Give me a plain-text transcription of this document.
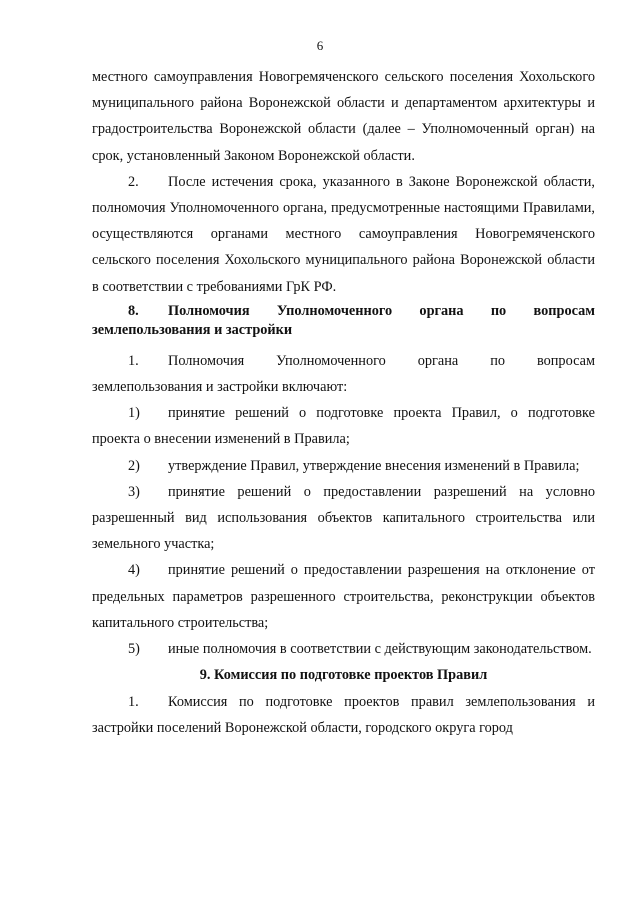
6

местного самоуправления Новогремяченского сельского поселения Хохольского муниципального района Воронежской области и департаментом архитектуры и градостроительства Воронежской области (далее – Уполномоченный орган) на срок, установленный Законом Воронежской области.

2. После истечения срока, указанного в Законе Воронежской области, полномочия Уполномоченного органа, предусмотренные настоящими Правилами, осуществляются органами местного самоуправления Новогремяченского сельского поселения Хохольского муниципального района Воронежской области в соответствии с требованиями ГрК РФ.

8. Полномочия Уполномоченного органа по вопросам землепользования и застройки

1. Полномочия Уполномоченного органа по вопросам землепользования и застройки включают:

1) принятие решений о подготовке проекта Правил, о подготовке проекта о внесении изменений в Правила;

2) утверждение Правил, утверждение внесения изменений в Правила;

3) принятие решений о предоставлении разрешений на условно разрешенный вид использования объектов капитального строительства или земельного участка;

4) принятие решений о предоставлении разрешения на отклонение от предельных параметров разрешенного строительства, реконструкции объектов капитального строительства;

5) иные полномочия в соответствии с действующим законодательством.

9. Комиссия по подготовке проектов Правил

1. Комиссия по подготовке проектов правил землепользования и застройки поселений Воронежской области, городского округа город
